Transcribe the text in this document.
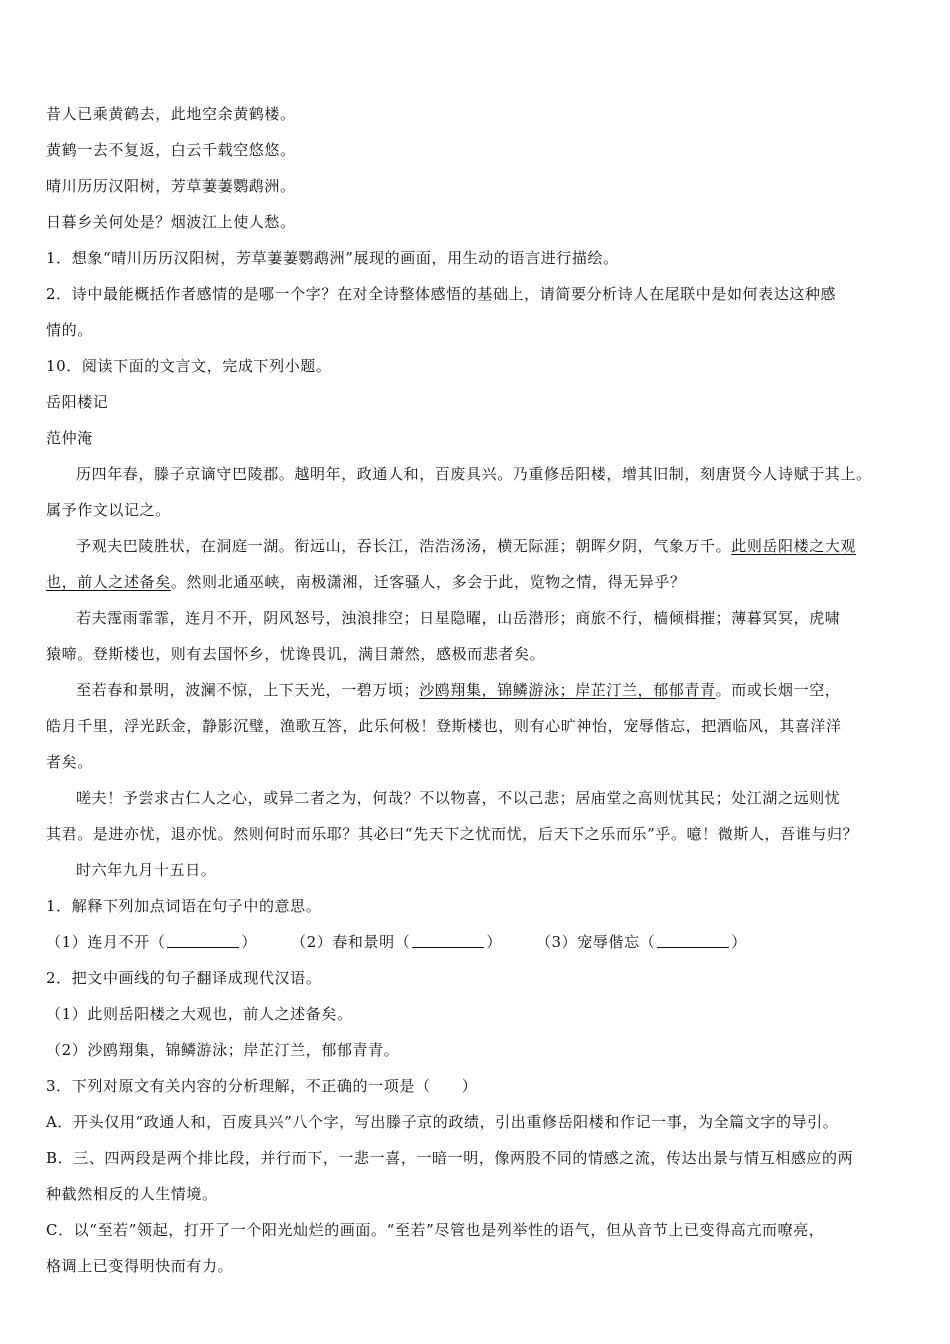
昔人已乘黄鹤去，此地空余黄鹤楼。
黄鹤一去不复返，白云千载空悠悠。
晴川历历汉阳树，芳草萋萋鹦鹉洲。
日暮乡关何处是？烟波江上使人愁。
1．想象“晴川历历汉阳树，芳草萋萋鹦鹉洲”展现的画面，用生动的语言进行描绘。
2．诗中最能概括作者感情的是哪一个字？在对全诗整体感悟的基础上，请简要分析诗人在尾联中是如何表达这种感
情的。
10．阅读下面的文言文，完成下列小题。
岳阳楼记
范仲淹
历四年春，滕子京谪守巴陵郡。越明年，政通人和，百废具兴。乃重修岳阳楼，增其旧制，刻唐贤今人诗赋于其上。
属予作文以记之。
予观夫巴陵胜状，在洞庭一湖。衔远山，吞长江，浩浩汤汤，横无际涯；朝晖夕阴，气象万千。此则岳阳楼之大观
也，前人之述备矣。然则北通巫峡，南极潇湘，迁客骚人，多会于此，览物之情，得无异乎？
若夫霪雨霏霏，连月不开，阴风怒号，浊浪排空；日星隐曜，山岳潜形；商旅不行，樯倾楫摧；薄暮冥冥，虎啸
猿啼。登斯楼也，则有去国怀乡，忧谗畏讥，满目萧然，感极而悲者矣。
至若春和景明，波澜不惊，上下天光，一碧万顷；沙鸥翔集，锦鳞游泳；岸芷汀兰，郁郁青青。而或长烟一空，
皓月千里，浮光跃金，静影沉璧，渔歌互答，此乐何极！登斯楼也，则有心旷神怡，宠辱偕忘，把酒临风，其喜洋洋
者矣。
嗟夫！予尝求古仁人之心，或异二者之为，何哉？不以物喜，不以己悲；居庙堂之高则忧其民；处江湖之远则忧
其君。是进亦忧，退亦忧。然则何时而乐耶？其必曰“先天下之忧而忧，后天下之乐而乐”乎。噫！微斯人，吾谁与归？
时六年九月十五日。
1．解释下列加点词语在句子中的意思。
（1）连月不开（	） （2）春和景明（	） （3）宠辱偕忘（	）
2．把文中画线的句子翻译成现代汉语。
（1）此则岳阳楼之大观也，前人之述备矣。
（2）沙鸥翔集，锦鳞游泳；岸芷汀兰，郁郁青青。
3．下列对原文有关内容的分析理解，不正确的一项是（　　）
A．开头仅用“政通人和，百废具兴”八个字，写出滕子京的政绩，引出重修岳阳楼和作记一事，为全篇文字的导引。
B．三、四两段是两个排比段，并行而下，一悲一喜，一暗一明，像两股不同的情感之流，传达出景与情互相感应的两
种截然相反的人生情境。
C．以“至若”领起，打开了一个阳光灿烂的画面。“至若”尽管也是列举性的语气，但从音节上已变得高亢而嘹亮，
格调上已变得明快而有力。
